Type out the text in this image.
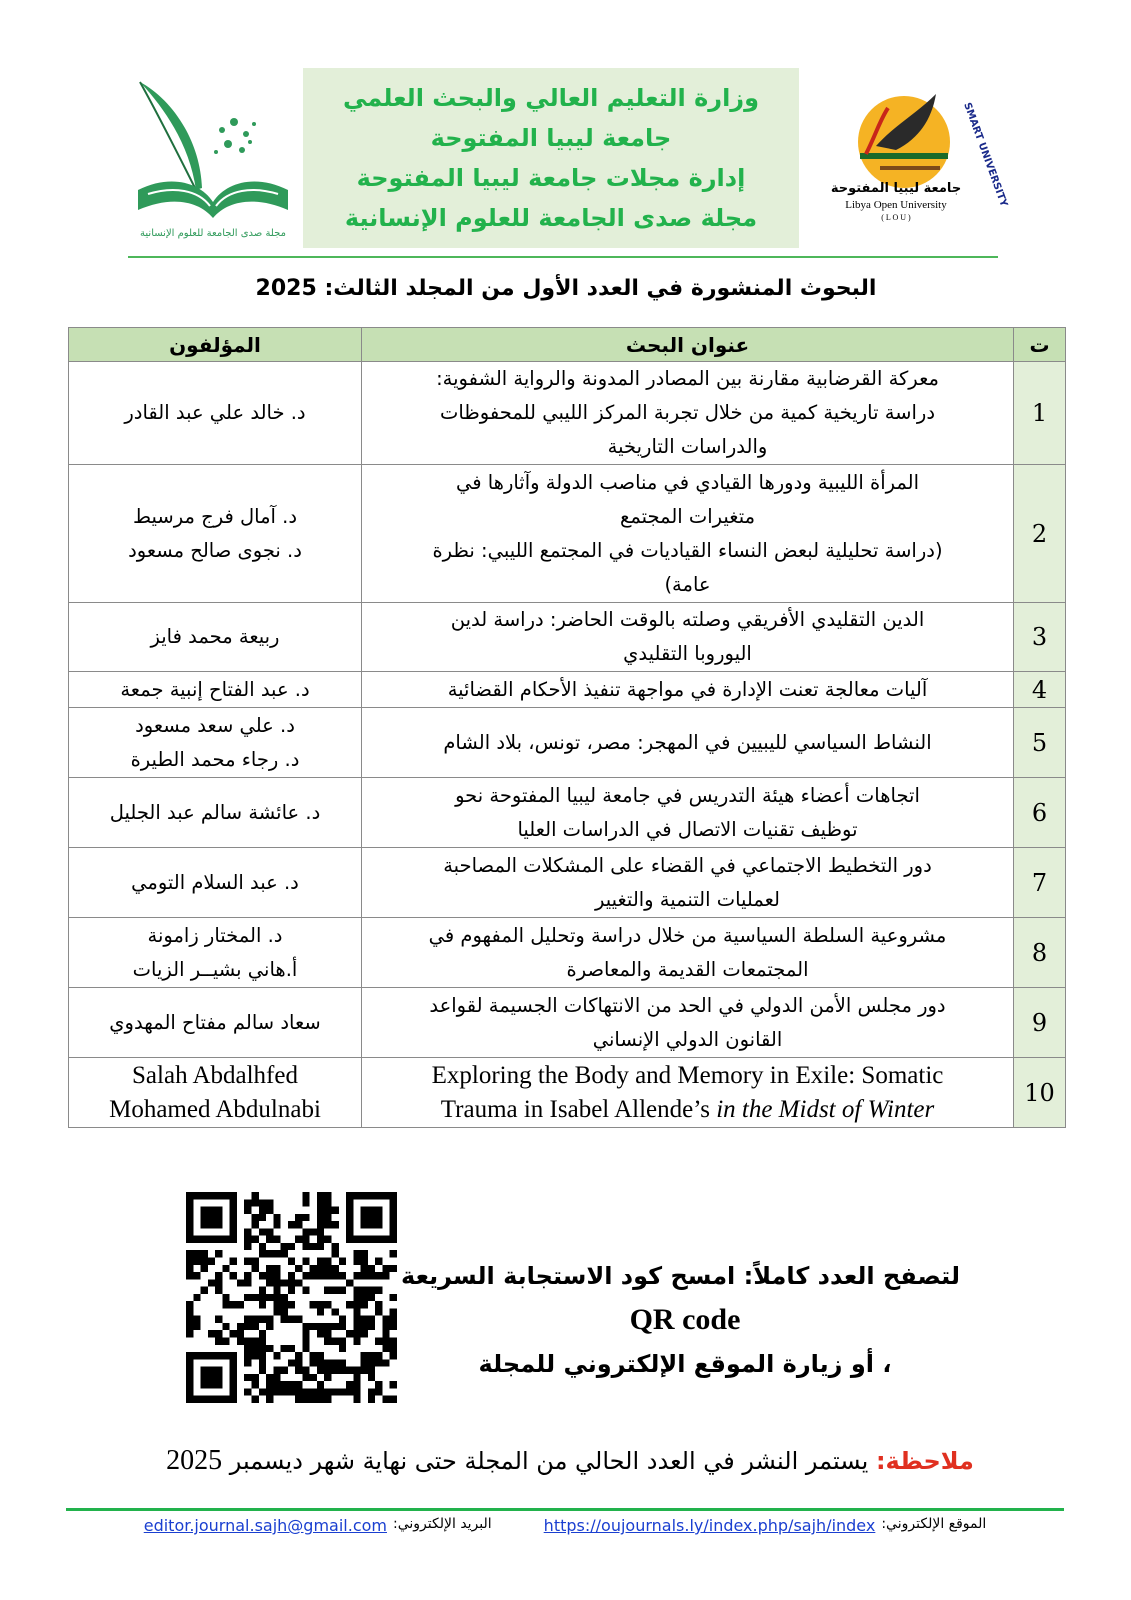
مجلة صدى الجامعة للعلوم الإنسانية
وزارة التعليم العالي والبحث العلمي
جامعة ليبيا المفتوحة
إدارة مجلات جامعة ليبيا المفتوحة
مجلة صدى الجامعة للعلوم الإنسانية
SMART UNIVERSITY
جامعة ليبيا المفتوحة
Libya Open University
( L O U )
البحوث المنشورة في العدد الأول من المجلد الثالث: 2025
ت	عنوان البحث	المؤلفون
1	معركة القرضابية مقارنة بين المصادر المدونة والرواية الشفوية:
دراسة تاريخية كمية من خلال تجربة المركز الليبي للمحفوظات
والدراسات التاريخية	د. خالد علي عبد القادر

2	المرأة الليبية ودورها القيادي في مناصب الدولة وآثارها في
متغيرات المجتمع
(دراسة تحليلية لبعض النساء القياديات في المجتمع الليبي: نظرة
عامة)	د. آمال فرج مرسيط
د. نجوى صالح مسعود

3	الدين التقليدي الأفريقي وصلته بالوقت الحاضر: دراسة لدين
اليوروبا التقليدي	ربيعة محمد فايز

4	آليات معالجة تعنت الإدارة في مواجهة تنفيذ الأحكام القضائية	د. عبد الفتاح إنبية جمعة

5	النشاط السياسي لليبيين في المهجر: مصر، تونس، بلاد الشام	د. علي سعد مسعود
د. رجاء محمد الطيرة

6	اتجاهات أعضاء هيئة التدريس في جامعة ليبيا المفتوحة نحو
توظيف تقنيات الاتصال في الدراسات العليا	د. عائشة سالم عبد الجليل

7	دور التخطيط الاجتماعي في القضاء على المشكلات المصاحبة
لعمليات التنمية والتغيير	د. عبد السلام التومي

8	مشروعية السلطة السياسية من خلال دراسة وتحليل المفهوم في
المجتمعات القديمة والمعاصرة	د. المختار زامونة
أ.هاني بشيــر الزيات

9	دور مجلس الأمن الدولي في الحد من الانتهاكات الجسيمة لقواعد
القانون الدولي الإنساني	سعاد سالم مفتاح المهدوي

10	Exploring the Body and Memory in Exile: Somatic
Trauma in Isabel Allende’s in the Midst of Winter	Salah Abdalhfed
Mohamed Abdulnabi
لتصفح العدد كاملاً: امسح كود الاستجابة السريعة
QR code
، أو زيارة الموقع الإلكتروني للمجلة
ملاحظة: يستمر النشر في العدد الحالي من المجلة حتى نهاية شهر ديسمبر 2025
الموقع الإلكتروني:
https://oujournals.ly/index.php/sajh/index
البريد الإلكتروني:
editor.journal.sajh@gmail.com
